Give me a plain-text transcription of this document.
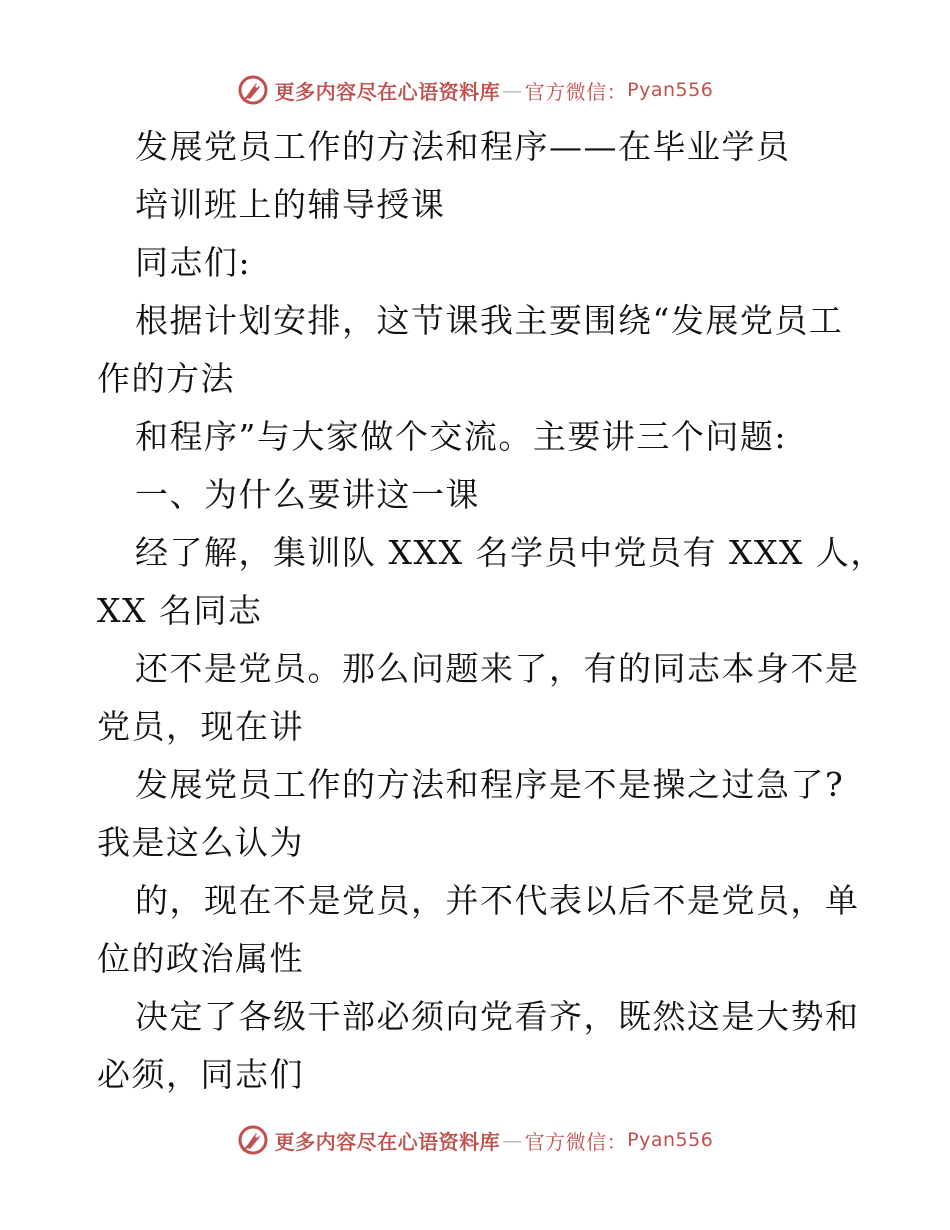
更多内容尽在心语资料库 — 官方微信： Pyan556
发展党员工作的方法和程序——在毕业学员
培训班上的辅导授课
同志们:
根据计划安排，这节课我主要围绕“发展党员工
作的方法
和程序”与大家做个交流。主要讲三个问题:
一、为什么要讲这一课
经了解，集训队 XXX 名学员中党员有 XXX 人，
XX 名同志
还不是党员。那么问题来了，有的同志本身不是
党员，现在讲
发展党员工作的方法和程序是不是操之过急了?
我是这么认为
的，现在不是党员，并不代表以后不是党员，单
位的政治属性
决定了各级干部必须向党看齐，既然这是大势和
必须，同志们
更多内容尽在心语资料库 — 官方微信： Pyan556
